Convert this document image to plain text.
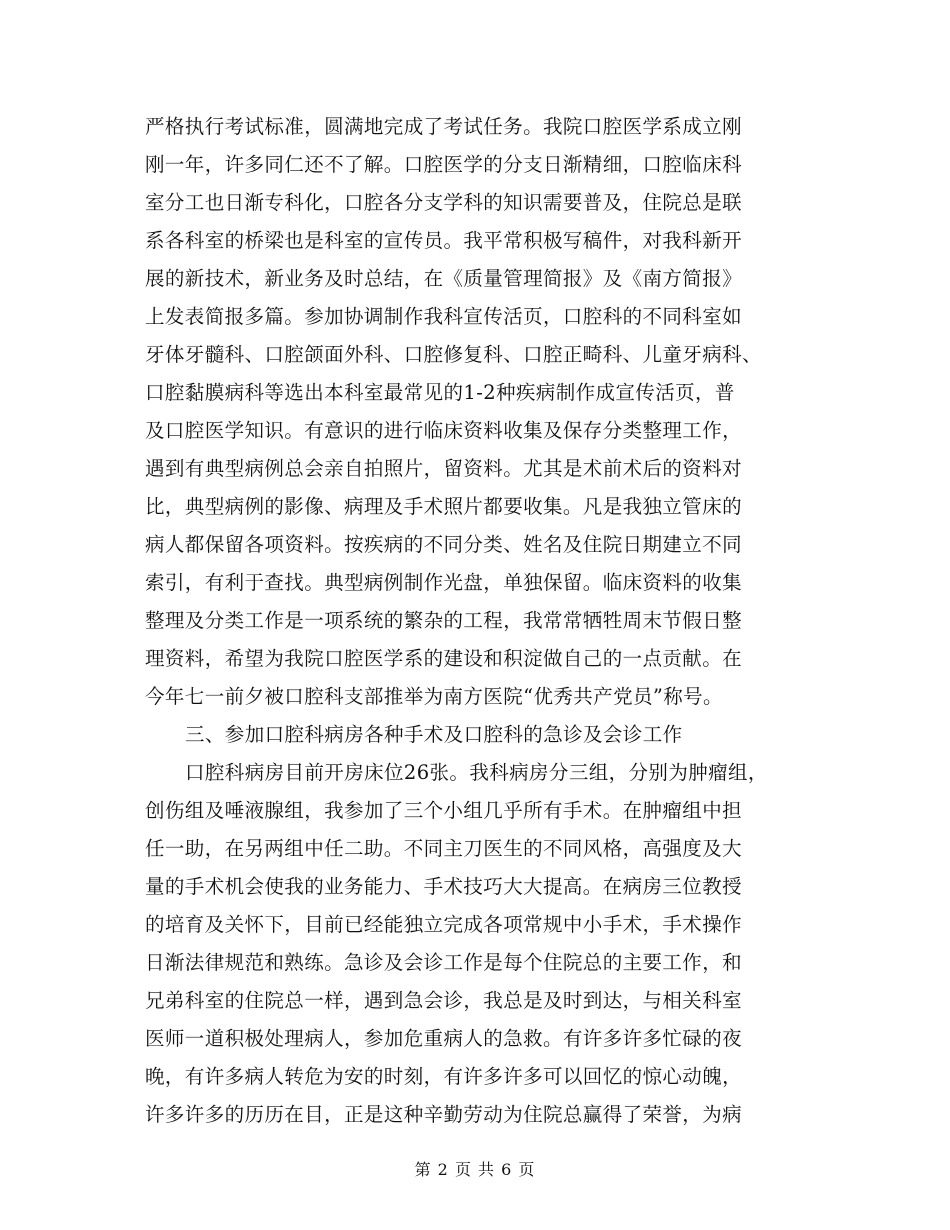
严格执行考试标准，圆满地完成了考试任务。我院口腔医学系成立刚
刚一年，许多同仁还不了解。口腔医学的分支日渐精细，口腔临床科
室分工也日渐专科化，口腔各分支学科的知识需要普及，住院总是联
系各科室的桥梁也是科室的宣传员。我平常积极写稿件，对我科新开
展的新技术，新业务及时总结，在《质量管理简报》及《南方简报》
上发表简报多篇。参加协调制作我科宣传活页，口腔科的不同科室如
牙体牙髓科、口腔颌面外科、口腔修复科、口腔正畸科、儿童牙病科、
口腔黏膜病科等选出本科室最常见的1-2种疾病制作成宣传活页，普
及口腔医学知识。有意识的进行临床资料收集及保存分类整理工作，
遇到有典型病例总会亲自拍照片，留资料。尤其是术前术后的资料对
比，典型病例的影像、病理及手术照片都要收集。凡是我独立管床的
病人都保留各项资料。按疾病的不同分类、姓名及住院日期建立不同
索引，有利于查找。典型病例制作光盘，单独保留。临床资料的收集
整理及分类工作是一项系统的繁杂的工程，我常常牺牲周末节假日整
理资料，希望为我院口腔医学系的建设和积淀做自己的一点贡献。在
今年七一前夕被口腔科支部推举为南方医院“优秀共产党员”称号。
三、参加口腔科病房各种手术及口腔科的急诊及会诊工作
口腔科病房目前开房床位26张。我科病房分三组，分别为肿瘤组，
创伤组及唾液腺组，我参加了三个小组几乎所有手术。在肿瘤组中担
任一助，在另两组中任二助。不同主刀医生的不同风格，高强度及大
量的手术机会使我的业务能力、手术技巧大大提高。在病房三位教授
的培育及关怀下，目前已经能独立完成各项常规中小手术，手术操作
日渐法律规范和熟练。急诊及会诊工作是每个住院总的主要工作，和
兄弟科室的住院总一样，遇到急会诊，我总是及时到达，与相关科室
医师一道积极处理病人，参加危重病人的急救。有许多许多忙碌的夜
晚，有许多病人转危为安的时刻，有许多许多可以回忆的惊心动魄，
许多许多的历历在目，正是这种辛勤劳动为住院总赢得了荣誉，为病
第 2 页 共 6 页
